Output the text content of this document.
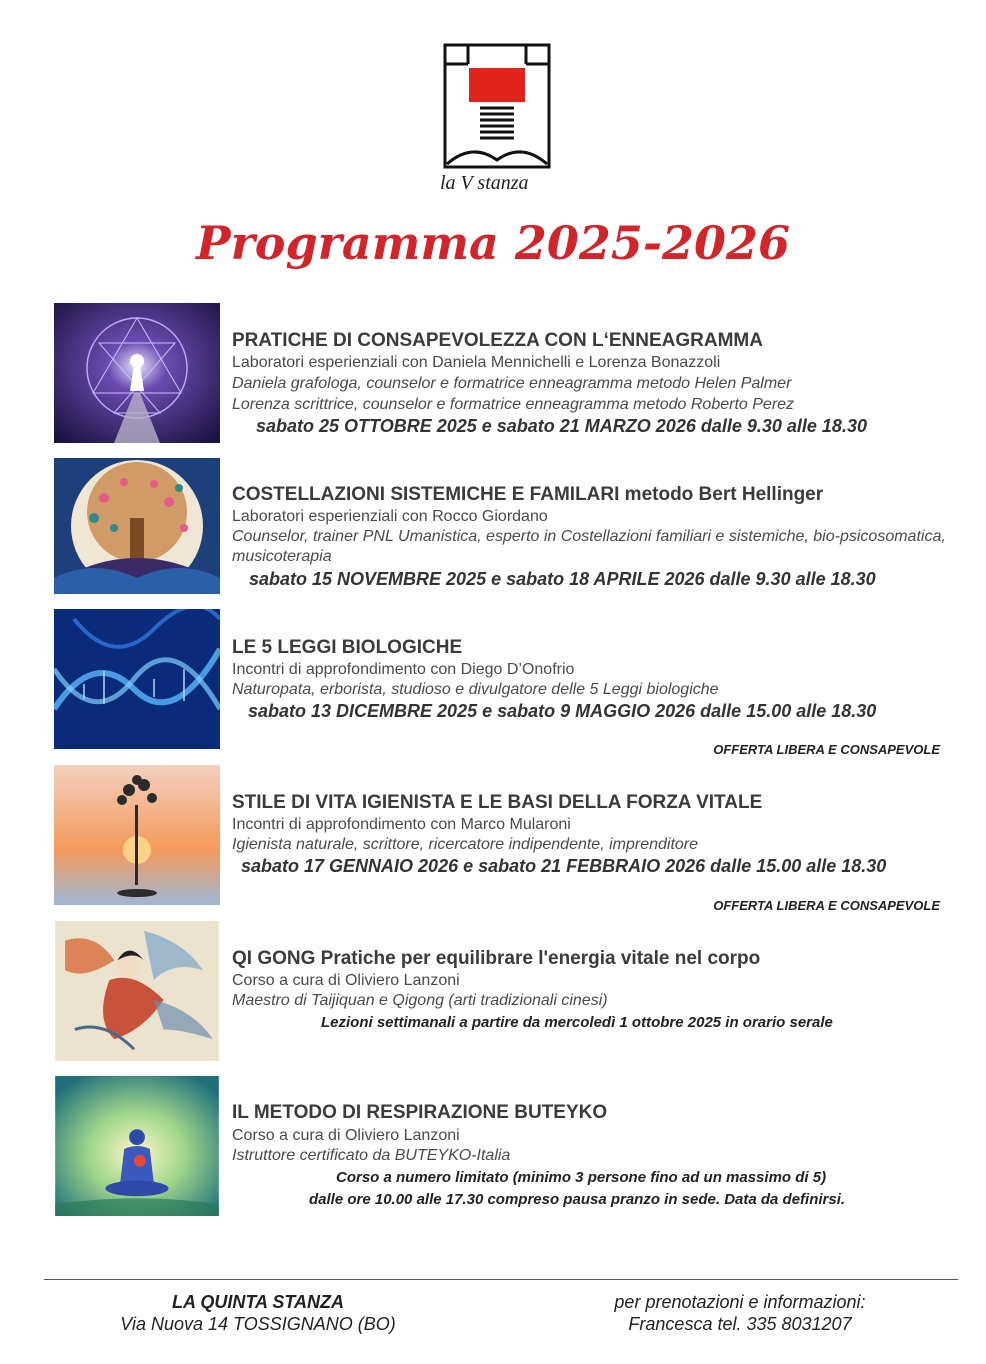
la V stanza
Programma 2025-2026
PRATICHE DI CONSAPEVOLEZZA CON L‘ENNEAGRAMMA
Laboratori esperienziali con Daniela Mennichelli e Lorenza Bonazzoli
Daniela grafologa, counselor e formatrice enneagramma metodo Helen Palmer
Lorenza scrittrice, counselor e formatrice enneagramma metodo Roberto Perez
sabato 25 OTTOBRE 2025 e sabato 21 MARZO 2026 dalle 9.30 alle 18.30
COSTELLAZIONI SISTEMICHE E FAMILARI metodo Bert Hellinger
Laboratori esperienziali con Rocco Giordano
Counselor, trainer PNL Umanistica, esperto in Costellazioni familiari e sistemiche, bio-psicosomatica, musicoterapia
sabato 15 NOVEMBRE 2025 e sabato 18 APRILE 2026 dalle 9.30 alle 18.30
LE 5 LEGGI BIOLOGICHE
Incontri di approfondimento con Diego D’Onofrio
Naturopata, erborista, studioso e divulgatore delle 5 Leggi biologiche
sabato 13 DICEMBRE 2025 e sabato 9 MAGGIO 2026 dalle 15.00 alle 18.30
OFFERTA LIBERA E CONSAPEVOLE
STILE DI VITA IGIENISTA E LE BASI DELLA FORZA VITALE
Incontri di approfondimento con Marco Mularoni
Igienista naturale, scrittore, ricercatore indipendente, imprenditore
sabato 17 GENNAIO 2026 e sabato 21 FEBBRAIO 2026 dalle 15.00 alle 18.30
OFFERTA LIBERA E CONSAPEVOLE
QI GONG Pratiche per equilibrare l'energia vitale nel corpo
Corso a cura di Oliviero Lanzoni
Maestro di Taijiquan e Qigong (arti tradizionali cinesi)
Lezioni settimanali a partire da mercoledì 1 ottobre 2025 in orario serale
IL METODO DI RESPIRAZIONE BUTEYKO
Corso a cura di Oliviero Lanzoni
Istruttore certificato da BUTEYKO-Italia
Corso a numero limitato (minimo 3 persone fino ad un massimo di 5)
dalle ore 10.00 alle 17.30 compreso pausa pranzo in sede. Data da definirsi.
LA QUINTA STANZA
Via Nuova 14 TOSSIGNANO (BO)
per prenotazioni e informazioni:
Francesca tel. 335 8031207
